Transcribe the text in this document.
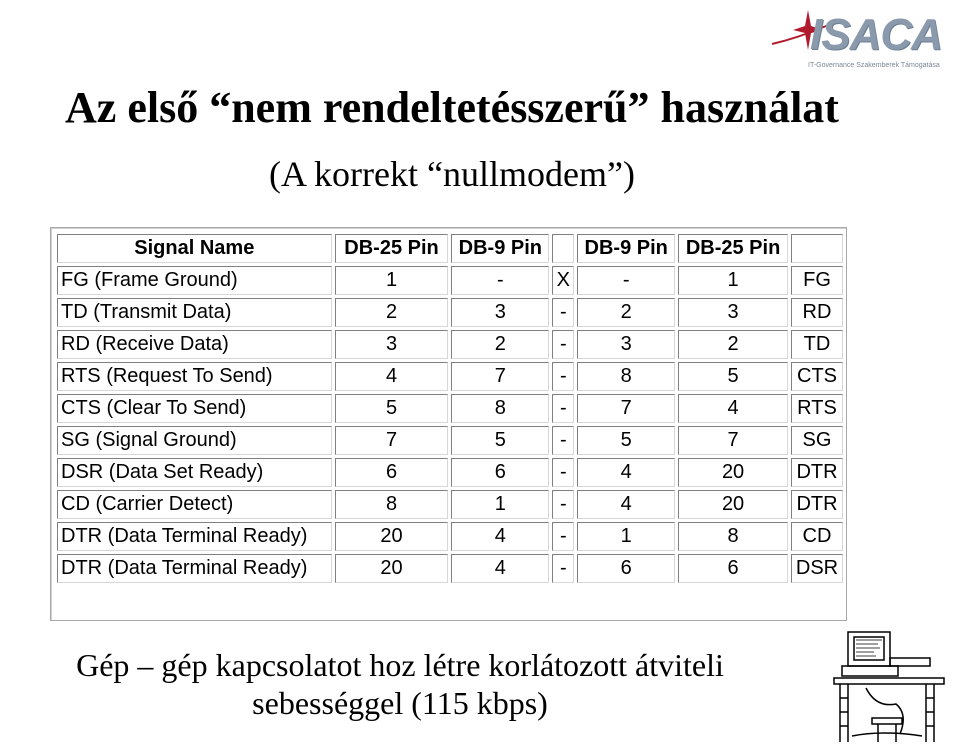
ISACA
IT-Governance Szakemberek Támogatása
Az első “nem rendeltetésszerű” használat
(A korrekt “nullmodem”)
Signal Name	DB-25 Pin	DB-9 Pin		DB-9 Pin	DB-25 Pin	
FG (Frame Ground)	1	-	X	-	1	FG
TD (Transmit Data)	2	3	-	2	3	RD
RD (Receive Data)	3	2	-	3	2	TD
RTS (Request To Send)	4	7	-	8	5	CTS
CTS (Clear To Send)	5	8	-	7	4	RTS
SG (Signal Ground)	7	5	-	5	7	SG
DSR (Data Set Ready)	6	6	-	4	20	DTR
CD (Carrier Detect)	8	1	-	4	20	DTR
DTR (Data Terminal Ready)	20	4	-	1	8	CD
DTR (Data Terminal Ready)	20	4	-	6	6	DSR
Gép – gép kapcsolatot hoz létre korlátozott átviteli
sebességgel (115 kbps)
